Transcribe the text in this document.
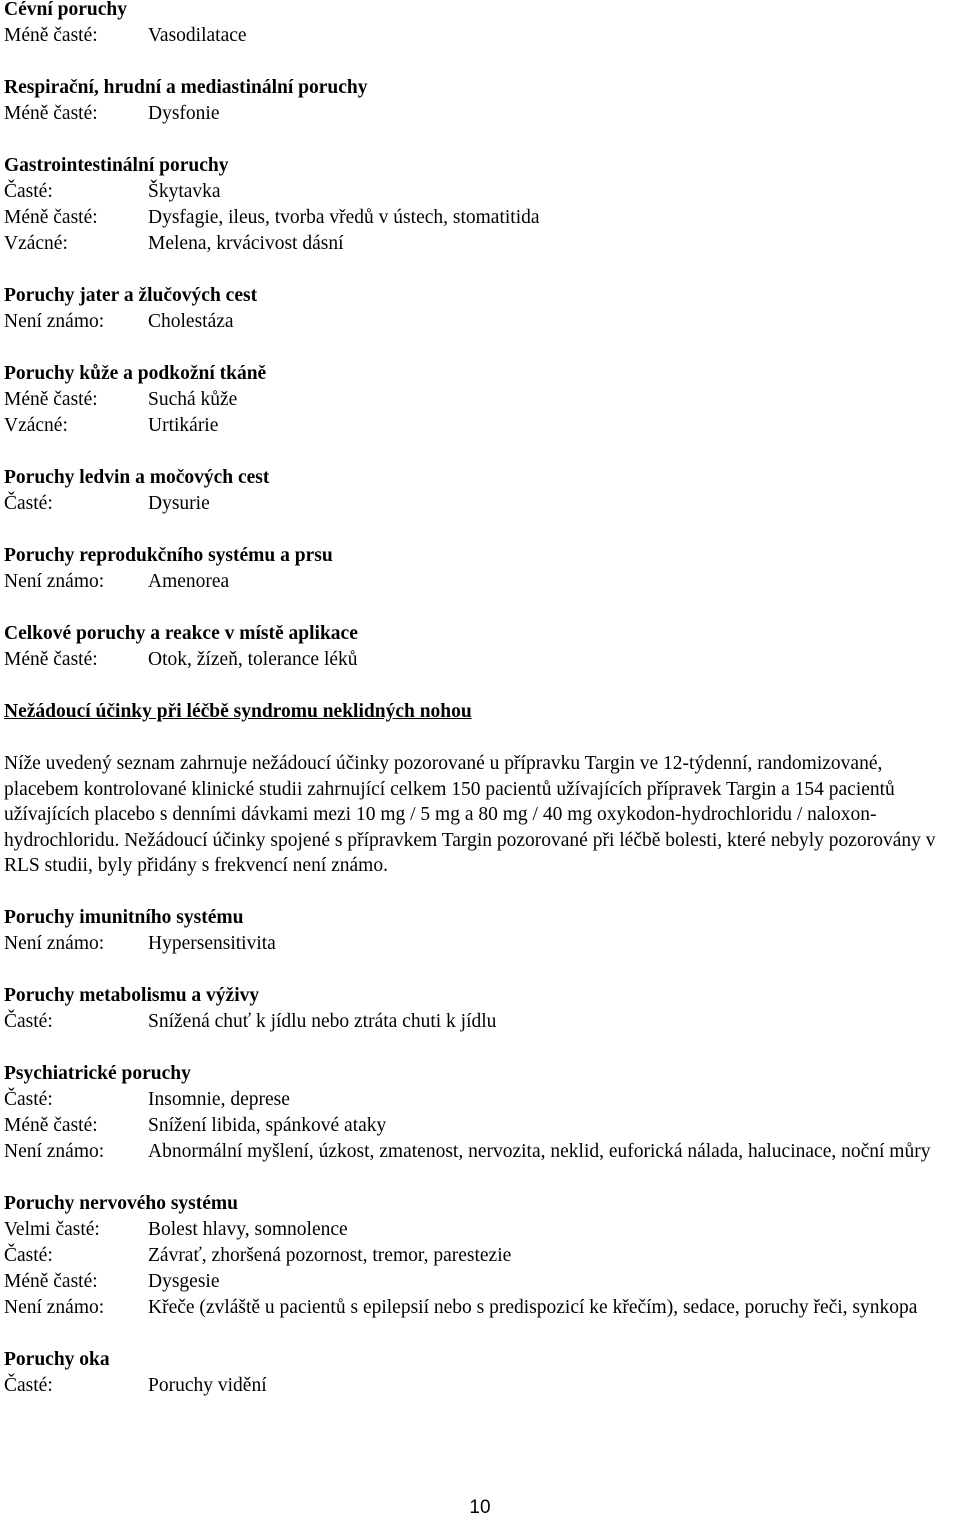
Cévní poruchy
Méně časté:	Vasodilatace
Respirační, hrudní a mediastinální poruchy
Méně časté:	Dysfonie
Gastrointestinální poruchy
Časté:	Škytavka
Méně časté:	Dysfagie, ileus, tvorba vředů v ústech, stomatitida
Vzácné:	Melena, krvácivost dásní
Poruchy jater a žlučových cest
Není známo:	Cholestáza
Poruchy kůže a podkožní tkáně
Méně časté:	Suchá kůže
Vzácné:	Urtikárie
Poruchy ledvin a močových cest
Časté:	Dysurie
Poruchy reprodukčního systému a prsu
Není známo:	Amenorea
Celkové poruchy a reakce v místě aplikace
Méně časté:	Otok, žízeň, tolerance léků
Nežádoucí účinky při léčbě syndromu neklidných nohou
Níže uvedený seznam zahrnuje nežádoucí účinky pozorované u přípravku Targin ve 12-týdenní, randomizované, placebem kontrolované klinické studii zahrnující celkem 150 pacientů užívajících přípravek Targin a 154 pacientů užívajících placebo s denními dávkami mezi 10 mg / 5 mg a 80 mg / 40 mg oxykodon-hydrochloridu / naloxon-hydrochloridu. Nežádoucí účinky spojené s přípravkem Targin pozorované při léčbě bolesti, které nebyly pozorovány v RLS studii, byly přidány s frekvencí není známo.
Poruchy imunitního systému
Není známo:	Hypersensitivita
Poruchy metabolismu a výživy
Časté:	Snížená chuť k jídlu nebo ztráta chuti k jídlu
Psychiatrické poruchy
Časté:	Insomnie, deprese
Méně časté:	Snížení libida, spánkové ataky
Není známo:	Abnormální myšlení, úzkost, zmatenost, nervozita, neklid, euforická nálada, halucinace, noční můry
Poruchy nervového systému
Velmi časté:	Bolest hlavy, somnolence
Časté:	Závrať, zhoršená pozornost, tremor, parestezie
Méně časté:	Dysgesie
Není známo:	Křeče (zvláště u pacientů s epilepsií nebo s predispozicí ke křečím), sedace, poruchy řeči, synkopa
Poruchy oka
Časté:	Poruchy vidění
10
